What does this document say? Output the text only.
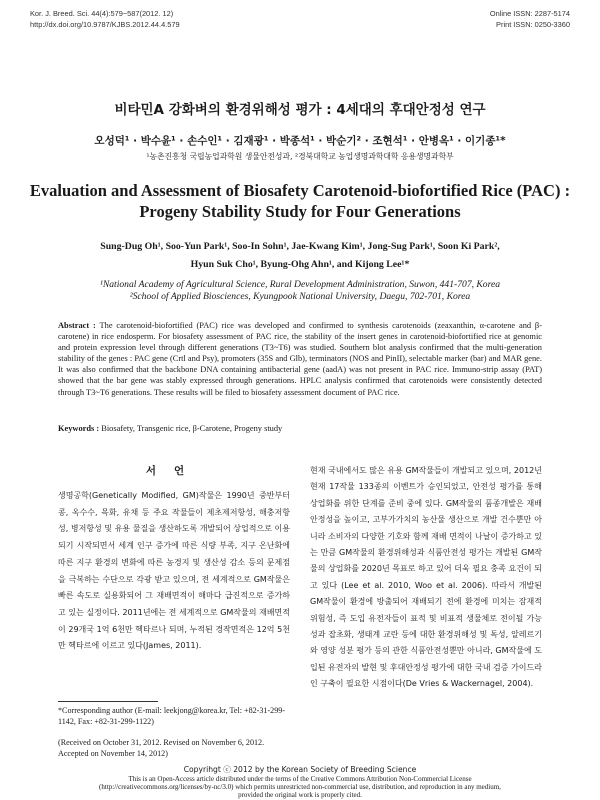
Kor. J. Breed. Sci. 44(4):579~587(2012. 12)
http://dx.doi.org/10.9787/KJBS.2012.44.4.579
Online ISSN: 2287-5174
Print ISSN: 0250-3360
비타민A 강화벼의 환경위해성 평가 : 4세대의 후대안정성 연구
오성덕¹ · 박수윤¹ · 손수인¹ · 김재광¹ · 박종석¹ · 박순기² · 조현석¹ · 안병옥¹ · 이기종¹*
¹농촌진흥청 국립농업과학원 생물안전성과, ²경북대학교 농업생명과학대학 응용생명과학부
Evaluation and Assessment of Biosafety Carotenoid-biofortified Rice (PAC) :
Progeny Stability Study for Four Generations
Sung-Dug Oh¹, Soo-Yun Park¹, Soo-In Sohn¹, Jae-Kwang Kim¹, Jong-Sug Park¹, Soon Ki Park²,
Hyun Suk Cho¹, Byung-Ohg Ahn¹, and Kijong Lee¹*
¹National Academy of Agricultural Science, Rural Development Administration, Suwon, 441-707, Korea
²School of Applied Biosciences, Kyungpook National University, Daegu, 702-701, Korea

Abstract : The carotenoid-biofortified (PAC) rice was developed and confirmed to synthesis carotenoids (zeaxanthin, α-carotene and β-carotene) in rice endosperm. For biosafety assessment of PAC rice, the stability of the insert genes in carotenoid-biofortified rice at genomic and protein expression level through different generations (T3~T6) was studied. Southern blot analysis confirmed that the multi-generation stability of the genes : PAC gene (Crtl and Psy), promoters (35S and Glb), terminators (NOS and PinII), selectable marker (bar) and MAR gene. It was also confirmed that the backbone DNA containing antibacterial gene (aadA) was not present in PAC rice. Immuno-strip assay (PAT) showed that the bar gene was stably expressed through generations. HPLC analysis confirmed that carotenoids were consistently detected through T3~T6 generations. These results will be filed to biosafety assessment document of PAC rice.

Keywords : Biosafety, Transgenic rice, β-Carotene, Progeny study

서언

생명공학(Genetically Modified, GM)작물은 1990년 중반부터 콩, 옥수수, 목화, 유채 등 주요 작물들이 제초제저항성, 해충저항성, 병저항성 및 유용 물질을 생산하도록 개발되어 상업적으로 이용되기 시작되면서 세계 인구 증가에 따른 식량 부족, 지구 온난화에 따른 지구 환경의 변화에 따른 농경지 및 생산성 감소 등의 문제점을 극복하는 수단으로 각광 받고 있으며, 전 세계적으로 GM작물은 빠른 속도로 실용화되어 그 재배면적이 해마다 급진적으로 증가하고 있는 실정이다. 2011년에는 전 세계적으로 GM작물의 재배면적이 29개국 1억 6천만 헥타르나 되며, 누적된 경작면적은 12억 5천만 헥타르에 이르고 있다(James, 2011).

현재 국내에서도 많은 유용 GM작물들이 개발되고 있으며, 2012년 현재 17작물 133종의 이벤트가 승인되었고, 안전성 평가를 통해 상업화를 위한 단계를 준비 중에 있다. GM작물의 품종개발은 재배 안정성을 높이고, 고부가가치의 농산물 생산으로 개발 건수뿐만 아니라 소비자의 다양한 기호와 함께 재배 면적이 나날이 증가하고 있는 만큼 GM작물의 환경위해성과 식품안전성 평가는 개발된 GM작물의 상업화를 2020년 목표로 하고 있어 더욱 필요 충족 요건이 되고 있다 (Lee et al. 2010, Woo et al. 2006). 따라서 개발된 GM작물이 환경에 방출되어 재배되기 전에 환경에 미치는 잠재적 위험성, 즉 도입 유전자들이 표적 및 비표적 생물체로 전이될 가능성과 잡초화, 생태계 교란 등에 대한 환경위해성 및 독성, 알레르기와 영양 성분 평가 등의 관한 식품안전성뿐만 아니라, GM작물에 도입된 유전자의 발현 및 후대안정성 평가에 대한 국내 검증 가이드라인 구축이 필요한 시점이다(De Vries & Wackernagel, 2004).

*Corresponding author (E-mail: leekjong@korea.kr, Tel: +82-31-299-1142, Fax: +82-31-299-1122)

(Received on October 31, 2012. Revised on November 6, 2012. Accepted on November 14, 2012)

Copyrihgt ⓒ 2012 by the Korean Society of Breeding Science
This is an Open-Access article distributed under the terms of the Creative Commons Attribution Non-Commercial License
(http://creativecommons.org/licenses/by-nc/3.0) which permits unrestricted non-commercial use, distribution, and reproduction in any medium,
provided the original work is properly cited.
